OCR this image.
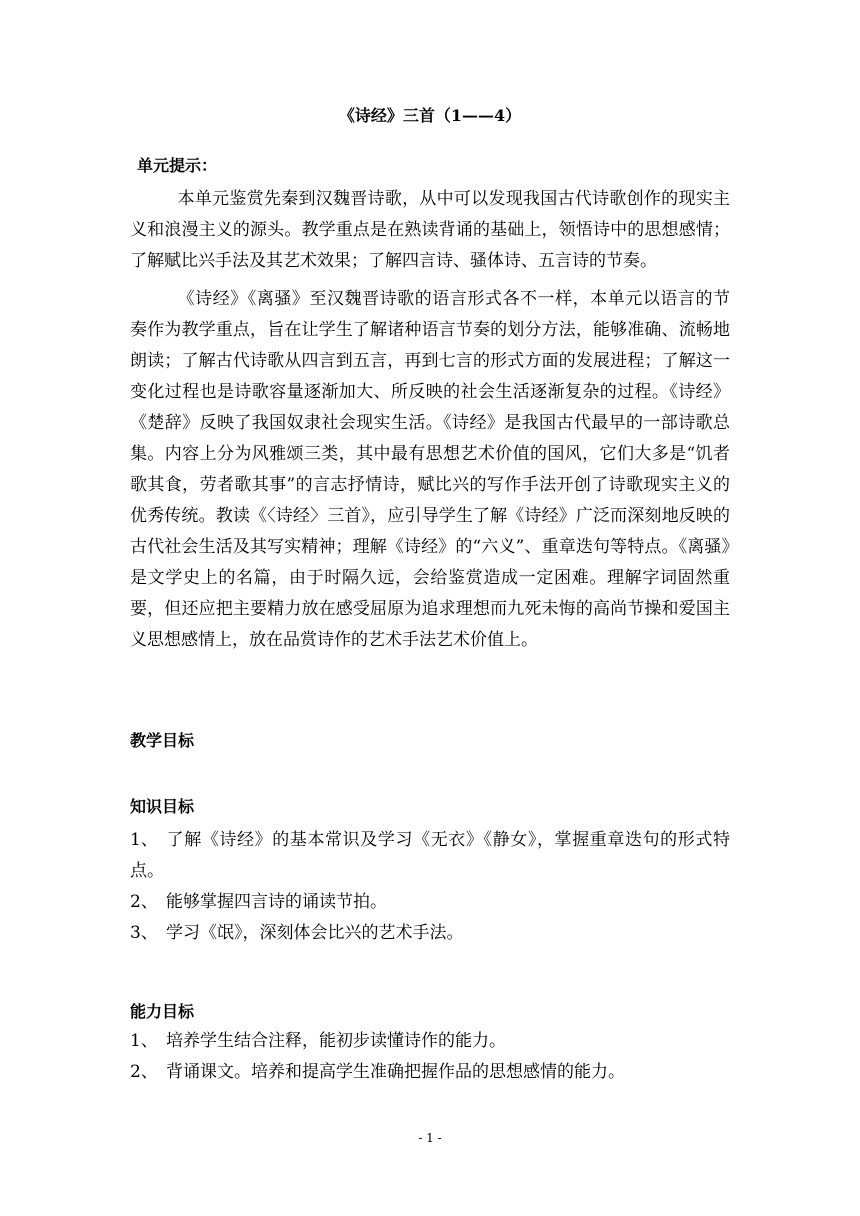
《诗经》三首（1——4）
单元提示：

本单元鉴赏先秦到汉魏晋诗歌，从中可以发现我国古代诗歌创作的现实主义和浪漫主义的源头。教学重点是在熟读背诵的基础上，领悟诗中的思想感情；了解赋比兴手法及其艺术效果；了解四言诗、骚体诗、五言诗的节奏。

《诗经》《离骚》至汉魏晋诗歌的语言形式各不一样，本单元以语言的节奏作为教学重点，旨在让学生了解诸种语言节奏的划分方法，能够准确、流畅地朗读；了解古代诗歌从四言到五言，再到七言的形式方面的发展进程；了解这一变化过程也是诗歌容量逐渐加大、所反映的社会生活逐渐复杂的过程。《诗经》《楚辞》反映了我国奴隶社会现实生活。《诗经》是我国古代最早的一部诗歌总集。内容上分为风雅颂三类，其中最有思想艺术价值的国风，它们大多是“饥者歌其食，劳者歌其事”的言志抒情诗，赋比兴的写作手法开创了诗歌现实主义的优秀传统。教读《〈诗经〉三首》，应引导学生了解《诗经》广泛而深刻地反映的古代社会生活及其写实精神；理解《诗经》的“六义”、重章迭句等特点。《离骚》是文学史上的名篇，由于时隔久远，会给鉴赏造成一定困难。理解字词固然重要，但还应把主要精力放在感受屈原为追求理想而九死未悔的高尚节操和爱国主义思想感情上，放在品赏诗作的艺术手法艺术价值上。

教学目标
知识目标
1、 了解《诗经》的基本常识及学习《无衣》《静女》，掌握重章迭句的形式特点。
2、 能够掌握四言诗的诵读节拍。
3、 学习《氓》，深刻体会比兴的艺术手法。
能力目标
1、 培养学生结合注释，能初步读懂诗作的能力。
2、 背诵课文。培养和提高学生准确把握作品的思想感情的能力。
- 1 -
